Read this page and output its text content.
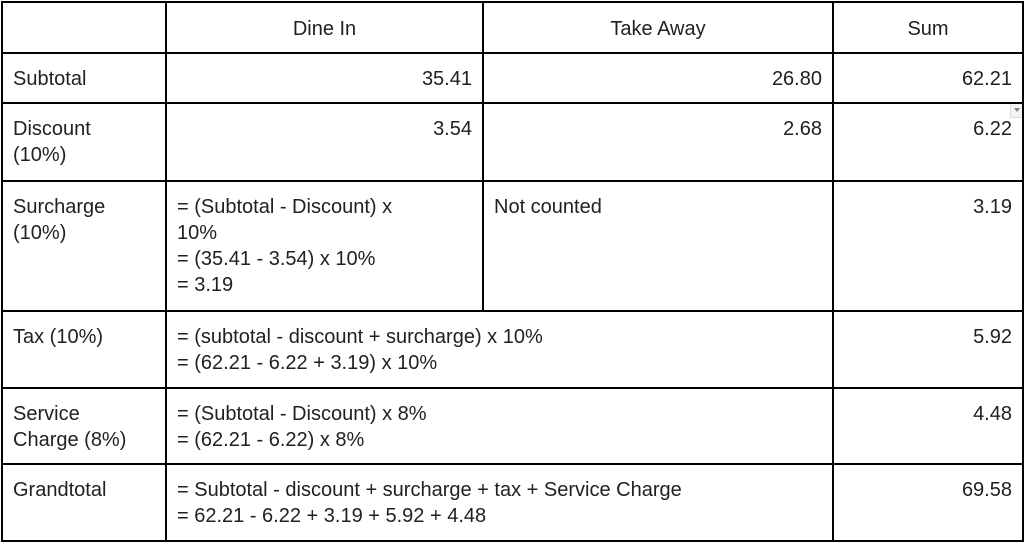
	Dine In	Take Away	Sum
Subtotal	35.41	26.80	62.21

Discount
(10%)	3.54	2.68	6.22

Surcharge
(10%)	= (Subtotal - Discount) x
10%
= (35.41 - 3.54) x 10%
= 3.19	Not counted	3.19
Tax (10%)	= (subtotal - discount + surcharge) x 10%
= (62.21 - 6.22 + 3.19) x 10%		5.92

Service
Charge (8%)	= (Subtotal - Discount) x 8%
= (62.21 - 6.22) x 8%		4.48
Grandtotal	= Subtotal - discount + surcharge + tax + Service Charge
= 62.21 - 6.22 + 3.19 + 5.92 + 4.48		69.58
